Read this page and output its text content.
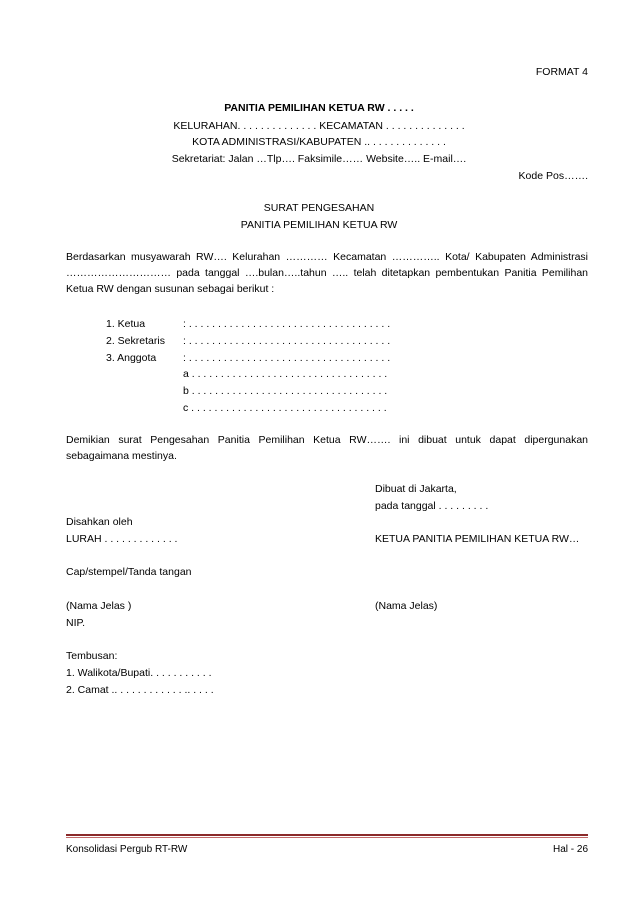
FORMAT 4
PANITIA PEMILIHAN KETUA RW . . . . .
KELURAHAN. . . . . . . . . . . . . . KECAMATAN . . . . . . . . . . . . . .
KOTA ADMINISTRASI/KABUPATEN .. . . . . . . . . . . . . .
Sekretariat: Jalan …Tlp…. Faksimile…… Website….. E-mail….
Kode Pos…….
SURAT PENGESAHAN
PANITIA PEMILIHAN KETUA RW
Berdasarkan musyawarah RW…. Kelurahan ………… Kecamatan ………….. Kota/ Kabupaten Administrasi
………………………… pada tanggal ….bulan…..tahun ….. telah ditetapkan pembentukan Panitia Pemilihan
Ketua RW dengan susunan sebagai berikut :
1. Ketua	: . . . . . . . . . . . . . . . . . . . . . . . . . . . . . . . . . . .
2. Sekretaris : . . . . . . . . . . . . . . . . . . . . . . . . . . . . . . . . . . .
3. Anggota	: . . . . . . . . . . . . . . . . . . . . . . . . . . . . . . . . . . .
a . . . . . . . . . . . . . . . . . . . . . . . . . . . . . . . . . .
b . . . . . . . . . . . . . . . . . . . . . . . . . . . . . . . . . .
c . . . . . . . . . . . . . . . . . . . . . . . . . . . . . . . . . .
Demikian surat Pengesahan Panitia Pemilihan Ketua RW……. ini dibuat untuk dapat dipergunakan
sebagaimana mestinya.
Dibuat di Jakarta,
pada tanggal . . . . . . . . .
Disahkan oleh
LURAH . . . . . . . . . . . . .	KETUA PANITIA PEMILIHAN KETUA RW…
Cap/stempel/Tanda tangan
(Nama Jelas )	(Nama Jelas)
NIP.
Tembusan:
1. Walikota/Bupati. . . . . . . . . . .
2. Camat .. . . . . . . . . . . . .. . . . .
Konsolidasi Pergub RT-RW	Hal - 26
